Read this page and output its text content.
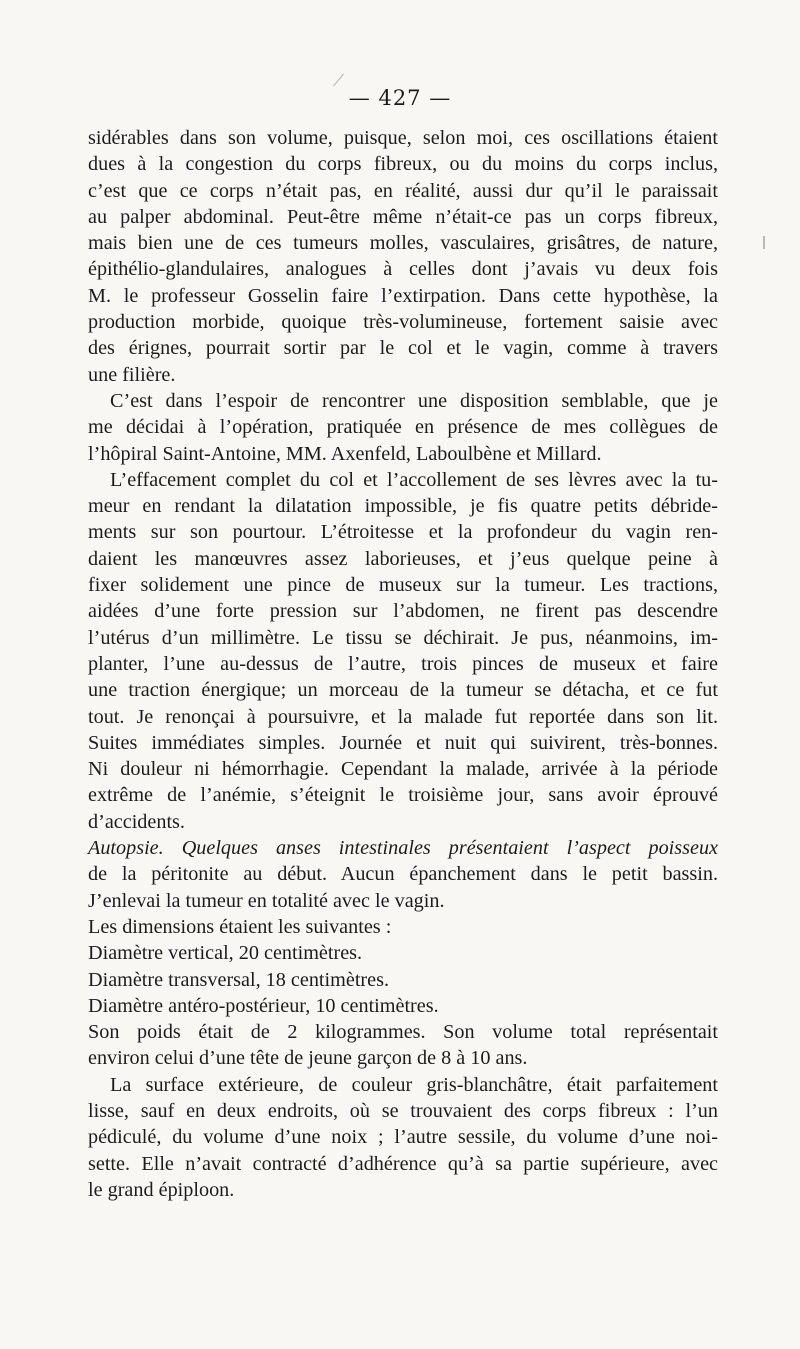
— 427 —
sidérables dans son volume, puisque, selon moi, ces oscillations étaient
dues à la congestion du corps fibreux, ou du moins du corps inclus,
c’est que ce corps n’était pas, en réalité, aussi dur qu’il le paraissait
au palper abdominal. Peut-être même n’était-ce pas un corps fibreux,
mais bien une de ces tumeurs molles, vasculaires, grisâtres, de nature,
épithélio-glandulaires, analogues à celles dont j’avais vu deux fois
M. le professeur Gosselin faire l’extirpation. Dans cette hypothèse, la
production morbide, quoique très-volumineuse, fortement saisie avec
des érignes, pourrait sortir par le col et le vagin, comme à travers
une filière.
C’est dans l’espoir de rencontrer une disposition semblable, que je
me décidai à l’opération, pratiquée en présence de mes collègues de
l’hôpiral Saint-Antoine, MM. Axenfeld, Laboulbène et Millard.
L’effacement complet du col et l’accollement de ses lèvres avec la tu-
meur en rendant la dilatation impossible, je fis quatre petits débride-
ments sur son pourtour. L’étroitesse et la profondeur du vagin ren-
daient les manœuvres assez laborieuses, et j’eus quelque peine à
fixer solidement une pince de museux sur la tumeur. Les tractions,
aidées d’une forte pression sur l’abdomen, ne firent pas descendre
l’utérus d’un millimètre. Le tissu se déchirait. Je pus, néanmoins, im-
planter, l’une au-dessus de l’autre, trois pinces de museux et faire
une traction énergique; un morceau de la tumeur se détacha, et ce fut
tout. Je renonçai à poursuivre, et la malade fut reportée dans son lit.
Suites immédiates simples. Journée et nuit qui suivirent, très-bonnes.
Ni douleur ni hémorrhagie. Cependant la malade, arrivée à la période
extrême de l’anémie, s’éteignit le troisième jour, sans avoir éprouvé
d’accidents.
Autopsie. Quelques anses intestinales présentaient l’aspect poisseux
de la péritonite au début. Aucun épanchement dans le petit bassin.
J’enlevai la tumeur en totalité avec le vagin.
Les dimensions étaient les suivantes :
Diamètre vertical, 20 centimètres.
Diamètre transversal, 18 centimètres.
Diamètre antéro-postérieur, 10 centimètres.
Son poids était de 2 kilogrammes. Son volume total représentait
environ celui d’une tête de jeune garçon de 8 à 10 ans.
La surface extérieure, de couleur gris-blanchâtre, était parfaitement
lisse, sauf en deux endroits, où se trouvaient des corps fibreux : l’un
pédiculé, du volume d’une noix ; l’autre sessile, du volume d’une noi-
sette. Elle n’avait contracté d’adhérence qu’à sa partie supérieure, avec
le grand épiploon.
